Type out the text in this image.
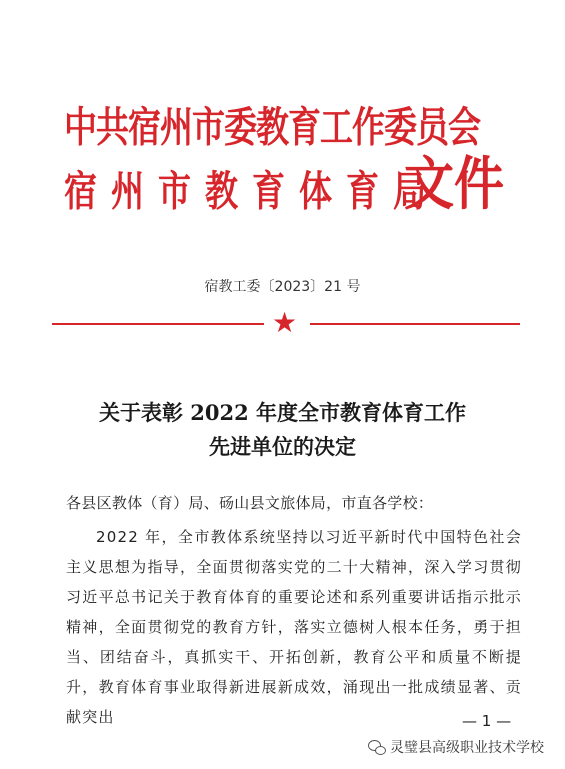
中共宿州市委教育工作委员会
宿州市教育体育局
文件
宿教工委〔2023〕21 号
★
关于表彰 2022 年度全市教育体育工作
先进单位的决定

各县区教体（育）局、砀山县文旅体局，市直各学校：

2022 年，全市教体系统坚持以习近平新时代中国特色社会主义思想为指导，全面贯彻落实党的二十大精神，深入学习贯彻习近平总书记关于教育体育的重要论述和系列重要讲话指示批示精神，全面贯彻党的教育方针，落实立德树人根本任务，勇于担当、团结奋斗，真抓实干、开拓创新，教育公平和质量不断提升，教育体育事业取得新进展新成效，涌现出一批成绩显著、贡献突出	— 1 —
灵璧县高级职业技术学校
